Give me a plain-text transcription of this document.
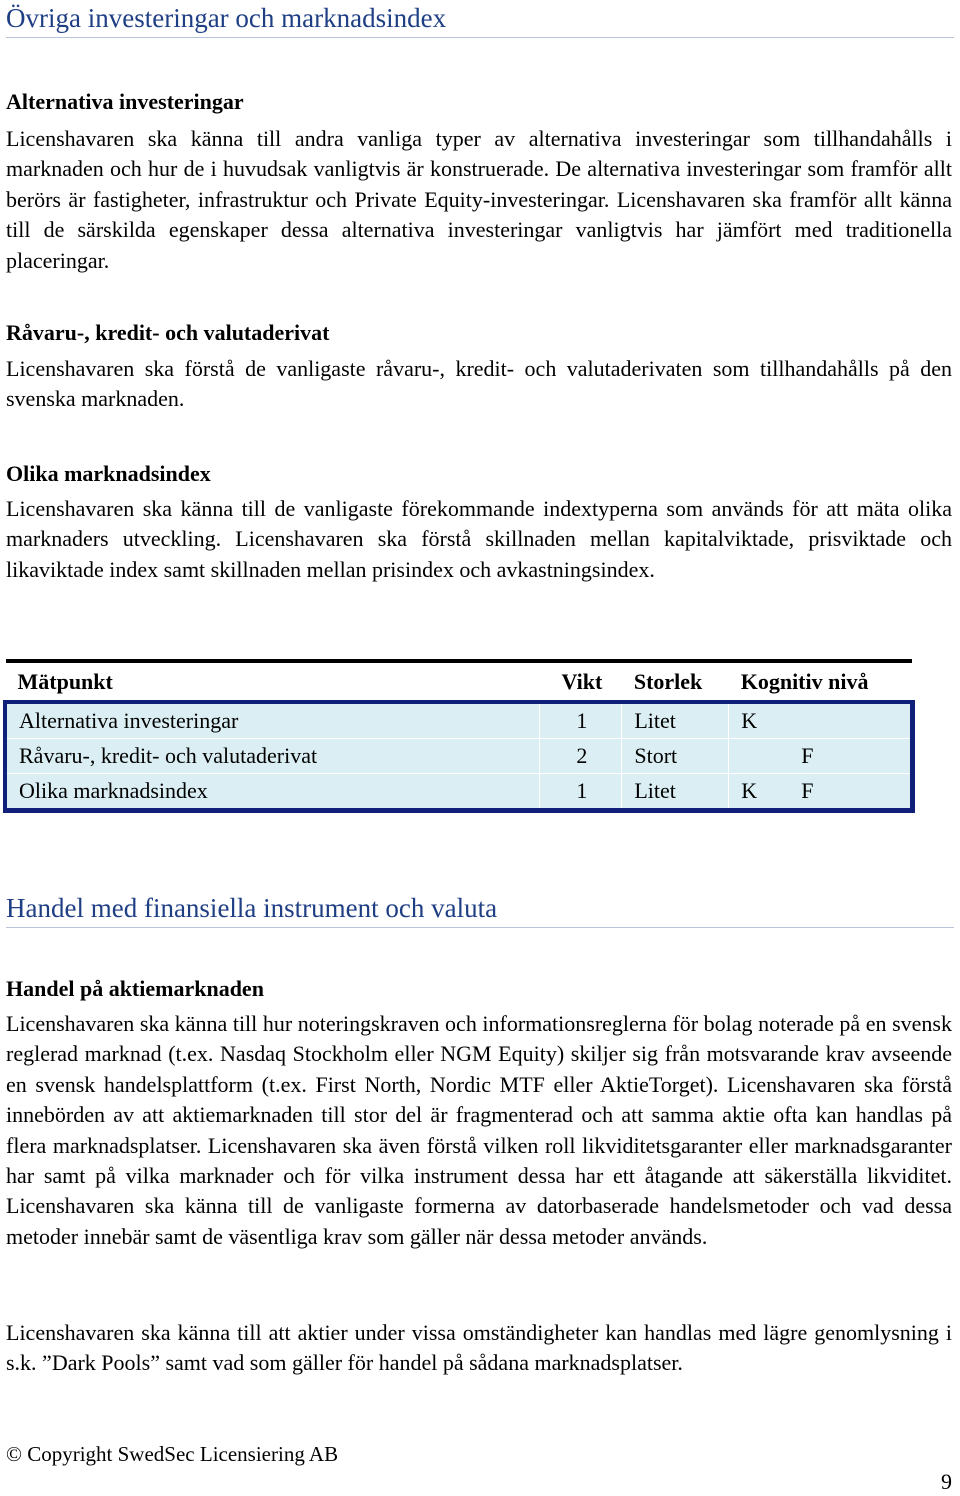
Övriga investeringar och marknadsindex
Alternativa investeringar

Licenshavaren ska känna till andra vanliga typer av alternativa investeringar som tillhandahålls i marknaden och hur de i huvudsak vanligtvis är konstruerade. De alternativa investeringar som framför allt berörs är fastigheter, infrastruktur och Private Equity-investeringar. Licenshavaren ska framför allt känna till de särskilda egenskaper dessa alternativa investeringar vanligtvis har jämfört med traditionella placeringar.

Råvaru-, kredit- och valutaderivat

Licenshavaren ska förstå de vanligaste råvaru-, kredit- och valutaderivaten som tillhandahålls på den svenska marknaden.

Olika marknadsindex

Licenshavaren ska känna till de vanligaste förekommande indextyperna som används för att mäta olika marknaders utveckling. Licenshavaren ska förstå skillnaden mellan kapitalviktade, prisviktade och likaviktade index samt skillnaden mellan prisindex och avkastningsindex.

Mätpunkt	Vikt	Storlek	Kognitiv nivå
Alternativa investeringar	1	Litet	K

Råvaru-, kredit- och valutaderivat	2	Stort	F

Olika marknadsindex	1	Litet	K F
Handel med finansiella instrument och valuta
Handel på aktiemarknaden

Licenshavaren ska känna till hur noteringskraven och informationsreglerna för bolag noterade på en svensk reglerad marknad (t.ex. Nasdaq Stockholm eller NGM Equity) skiljer sig från motsvarande krav avseende en svensk handelsplattform (t.ex. First North, Nordic MTF eller AktieTorget). Licenshavaren ska förstå innebörden av att aktiemarknaden till stor del är fragmenterad och att samma aktie ofta kan handlas på flera marknadsplatser. Licenshavaren ska även förstå vilken roll likviditetsgaranter eller marknadsgaranter har samt på vilka marknader och för vilka instrument dessa har ett åtagande att säkerställa likviditet. Licenshavaren ska känna till de vanligaste formerna av datorbaserade handelsmetoder och vad dessa metoder innebär samt de väsentliga krav som gäller när dessa metoder används.

Licenshavaren ska känna till att aktier under vissa omständigheter kan handlas med lägre genomlysning i s.k. ”Dark Pools” samt vad som gäller för handel på sådana marknadsplatser.

© Copyright SwedSec Licensiering AB
9
